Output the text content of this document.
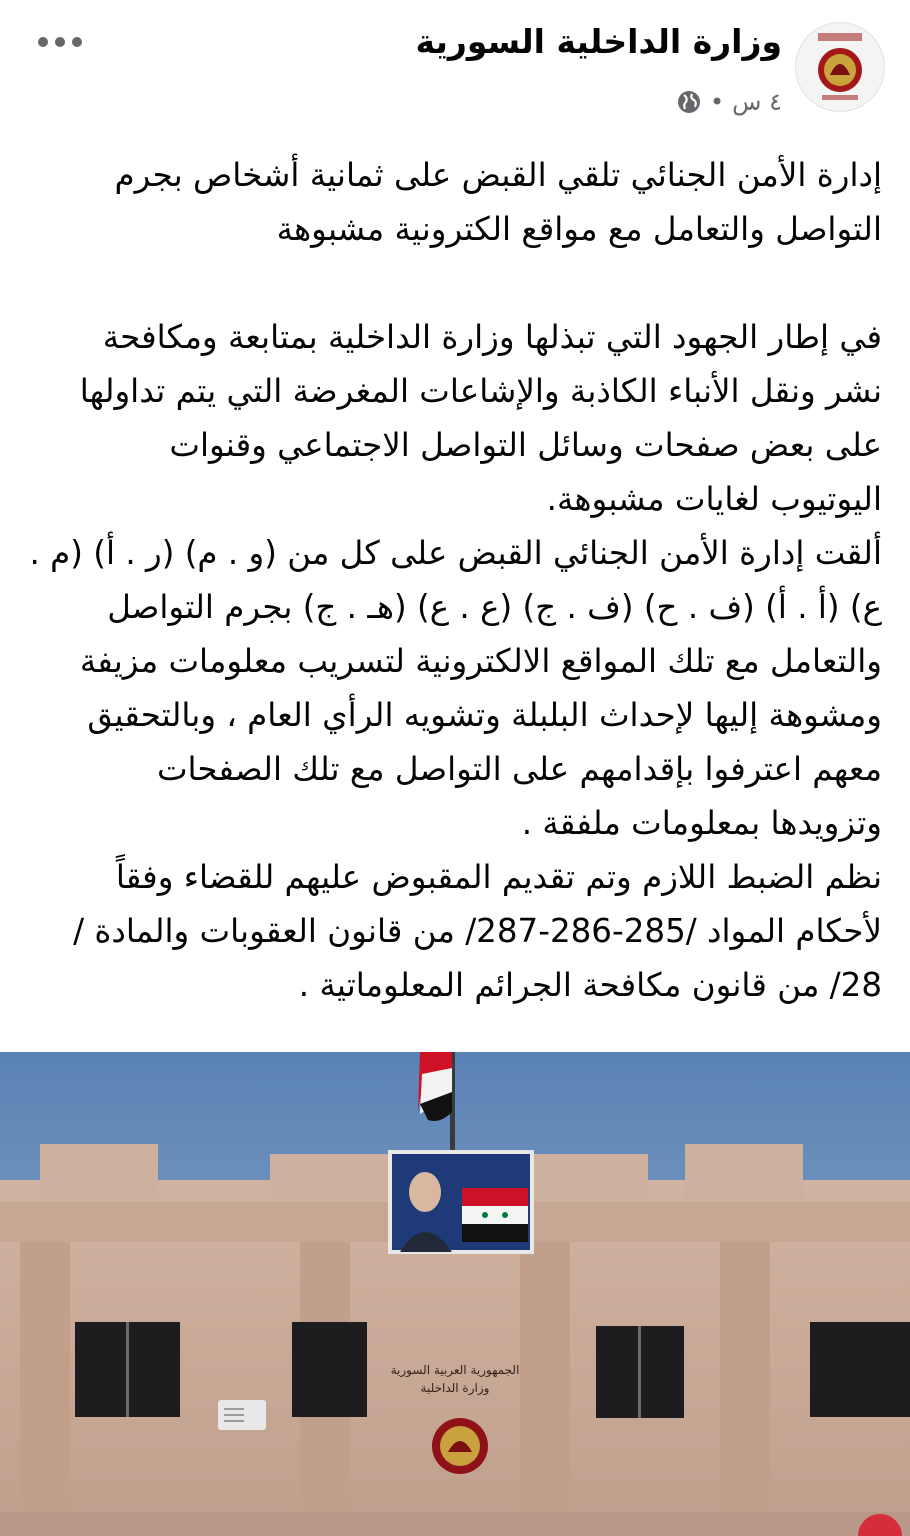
وزارة الداخلية السورية
٤ س
•

إدارة الأمن الجنائي تلقي القبض على ثمانية أشخاص بجرم

التواصل والتعامل مع مواقع الكترونية مشبوهة

في إطار الجهود التي تبذلها وزارة الداخلية بمتابعة ومكافحة

نشر ونقل الأنباء الكاذبة والإشاعات المغرضة التي يتم تداولها

على بعض صفحات وسائل التواصل الاجتماعي وقنوات

اليوتيوب لغايات مشبوهة.

ألقت إدارة الأمن الجنائي القبض على كل من (و . م) (ر . أ) (م .

ع) (أ . أ) (ف . ح) (ف . ج) (ع . ع) (هـ . ج) بجرم التواصل

والتعامل مع تلك المواقع الالكترونية لتسريب معلومات مزيفة

ومشوهة إليها لإحداث البلبلة وتشويه الرأي العام ، وبالتحقيق

معهم اعترفوا بإقدامهم على التواصل مع تلك الصفحات

وتزويدها بمعلومات ملفقة .

نظم الضبط اللازم وتم تقديم المقبوض عليهم للقضاء وفقاً

لأحكام المواد /285-286-287/ من قانون العقوبات والمادة /

28/ من قانون مكافحة الجرائم المعلوماتية .

الجمهورية العربية السورية
وزارة الداخلية
